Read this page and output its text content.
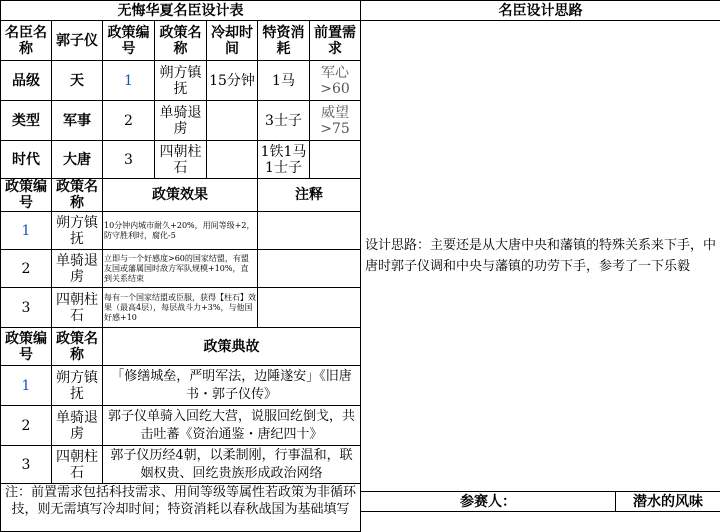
无悔华夏名臣设计表						
名臣名称	郭子仪	政策编号	政策名称	冷却时间	特资消耗	前置需求
品级	天	1	朔方镇抚	15分钟	1马	军心>60
类型	军事	2	单骑退虏		3士子	威望>75
时代	大唐	3	四朝柱石		1铁1马1士子	
政策编号	政策名称	政策效果			注释	
1	朔方镇抚	10分钟内城市耐久+20%，用间等级+2，防守胜利时，腐化-5				
2	单骑退虏	立即与一个好感度>60的国家结盟，有盟友国或藩属国时敌方军队规模+10%，直到关系结束				
3	四朝柱石	每有一个国家结盟或臣服，获得【柱石】效果（最高4层），每层战斗力+3%，与他国好感+10				
政策编号	政策名称	政策典故				
1	朔方镇抚	「修缮城垒，严明军法，边陲遂安」《旧唐书・郭子仪传》				
2	单骑退虏	郭子仪单骑入回纥大营，说服回纥倒戈，共击吐蕃《资治通鉴・唐纪四十》				
3	四朝柱石	郭子仪历经4朝，以柔制刚，行事温和，联姻权贵、回纥贵族形成政治网络				
注：前置需求包括科技需求、用间等级等属性若政策为非循环技，则无需填写冷却时间；特资消耗以春秋战国为基础填写						
名臣设计思路
设计思路：主要还是从大唐中央和藩镇的特殊关系来下手，中唐时郭子仪调和中央与藩镇的功劳下手，参考了一下乐毅
参赛人：	潜水的风味
